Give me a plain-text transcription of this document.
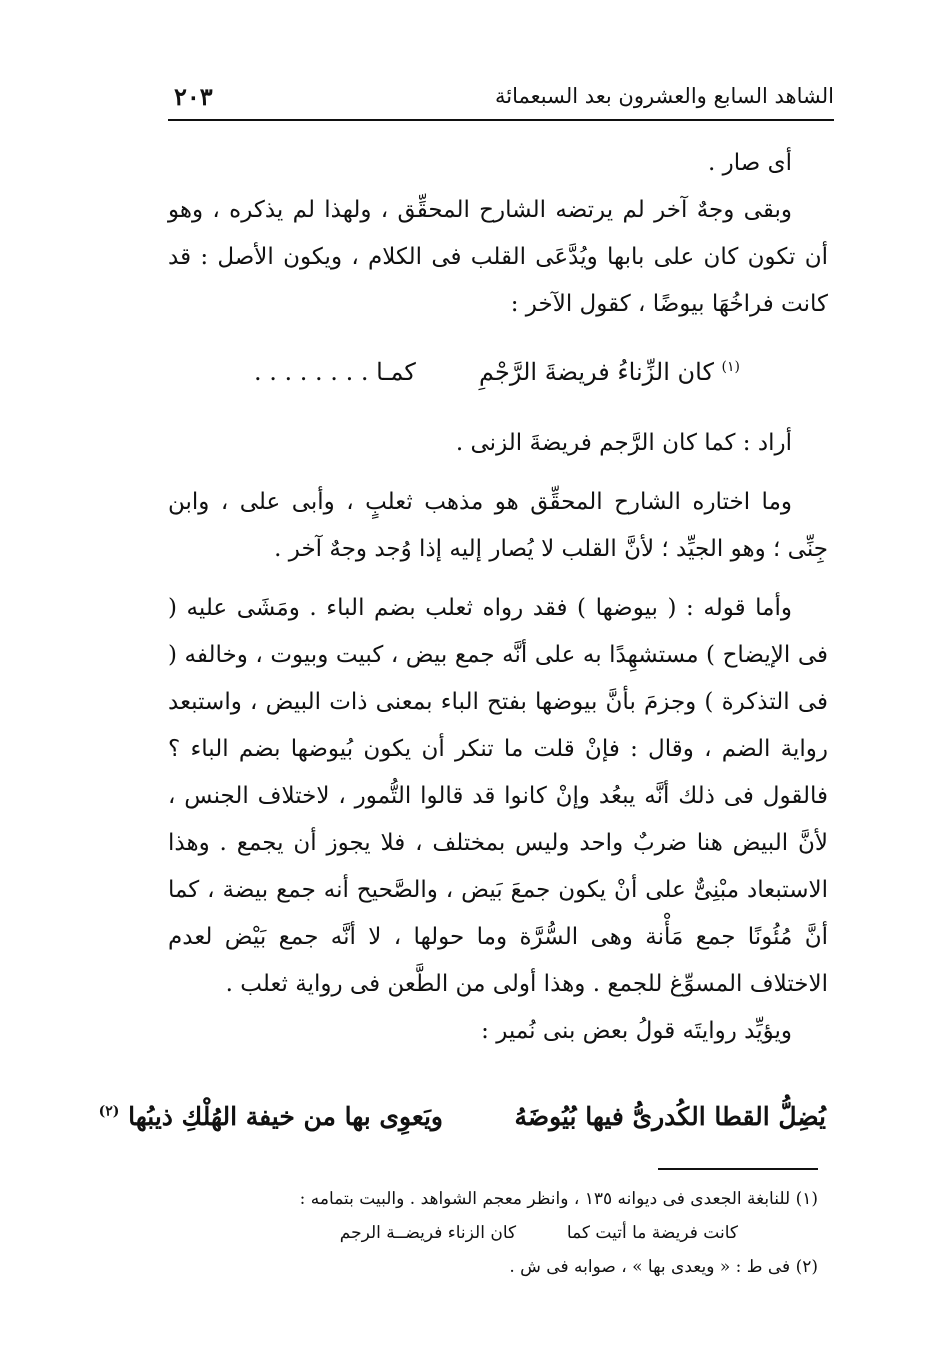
الشاهد السابع والعشرون بعد السبعمائة
٢٠٣

أى صار .

وبقى وجهٌ آخر لم يرتضه الشارح المحقِّق ، ولهذا لم يذكره ، وهو أن تكون كان على بابها ويُدَّعَى القلب فى الكلام ، ويكون الأصل : قد كانت فراخُهَا بيوضًا ، كقول الآخر :

$^{(١)}$ كان الزِّناءُ فريضةَ الرَّجْمِ  كمـا . . . . . . . .

أراد : كما كان الرَّجم فريضةَ الزنى .

وما اختاره الشارح المحقِّق هو مذهب ثعلبٍ ، وأبى على ، وابن جِنِّى ؛ وهو الجيِّد ؛ لأنَّ القلب لا يُصار إليه إذا وُجد وجهٌ آخر .

وأما قوله : ( بيوضها ) فقد رواه ثعلب بضم الباء . ومَشَى عليه ( فى الإيضاح ) مستشهِدًا به على أنَّه جمع بيض ، كبيت وبيوت ، وخالفه ( فى التذكرة ) وجزمَ بأنَّ بيوضها بفتح الباء بمعنى ذات البيض ، واستبعد رواية الضم ، وقال : فإنْ قلت ما تنكر أن يكون بُيوضها بضم الباء ؟ فالقول فى ذلك أنَّه يبعُد وإنْ كانوا قد قالوا التُّمور ، لاختلاف الجنس ، لأنَّ البيض هنا ضربٌ واحد وليس بمختلف ، فلا يجوز أن يجمع . وهذا الاستبعاد مبْنِىٌّ على أنْ يكون جمعَ بَيض ، والصَّحيح أنه جمع بيضة ، كما أنَّ مُئُونًا جمع مَأْنة وهى السُّرَّة وما حولها ، لا أنَّه جمع بَيْض لعدم الاختلاف المسوِّغ للجمع . وهذا أولى من الطَّعن فى رواية ثعلب .

ويؤيِّد روايتَه قولُ بعض بنى نُمير :

يُضِلُّ القطا الكُدرىُّ فيها بُيُوضَهُ  ويَعوِى بها من خيفة الهُلْكِ ذيبُها $^{(٢)}$

(١) للنابغة الجعدى فى ديوانه ١٣٥ ، وانظر معجم الشواهد . والبيت بتمامه :

كانت فريضة ما أتيت كما  كان الزناء فريضــة الرجم

(٢) فى ط : « ويعدى بها » ، صوابه فى ش .
